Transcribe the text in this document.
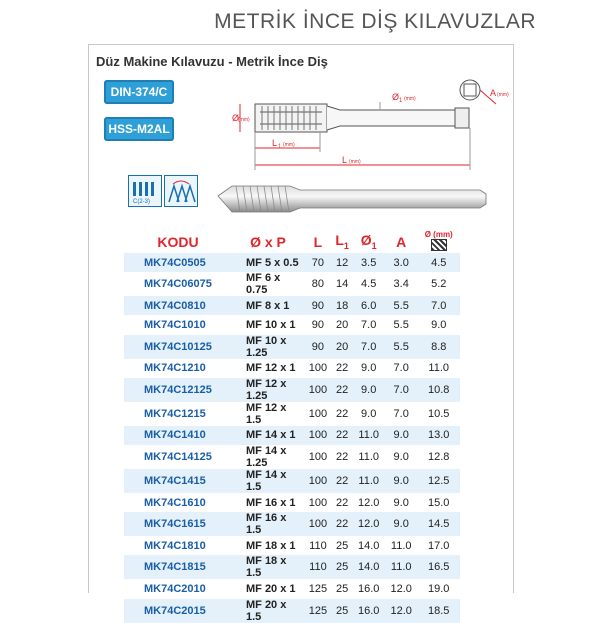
METRİK İNCE DİŞ KILAVUZLAR
Düz Makine Kılavuzu - Metrik İnce Diş
DIN-374/C
HSS-M2AL
Ø
(mm)
Ø 1 (mm)
A (mm)
L 1 (mm)
L (mm)
C(2-3)
KODU	Ø x P	L	$L_1$	$Ø_1$	A	Ø (mm)

MK74C0505	MF 5 x 0.5	70	12	3.5	3.0	4.5
MK74C06075	MF 6 x 0.75	80	14	4.5	3.4	5.2
MK74C0810	MF 8 x 1	90	18	6.0	5.5	7.0
MK74C1010	MF 10 x 1	90	20	7.0	5.5	9.0
MK74C10125	MF 10 x 1.25	90	20	7.0	5.5	8.8
MK74C1210	MF 12 x 1	100	22	9.0	7.0	11.0
MK74C12125	MF 12 x 1.25	100	22	9.0	7.0	10.8
MK74C1215	MF 12 x 1.5	100	22	9.0	7.0	10.5
MK74C1410	MF 14 x 1	100	22	11.0	9.0	13.0
MK74C14125	MF 14 x 1.25	100	22	11.0	9.0	12.8
MK74C1415	MF 14 x 1.5	100	22	11.0	9.0	12.5
MK74C1610	MF 16 x 1	100	22	12.0	9.0	15.0
MK74C1615	MF 16 x 1.5	100	22	12.0	9.0	14.5
MK74C1810	MF 18 x 1	110	25	14.0	11.0	17.0
MK74C1815	MF 18 x 1.5	110	25	14.0	11.0	16.5
MK74C2010	MF 20 x 1	125	25	16.0	12.0	19.0
MK74C2015	MF 20 x 1.5	125	25	16.0	12.0	18.5
